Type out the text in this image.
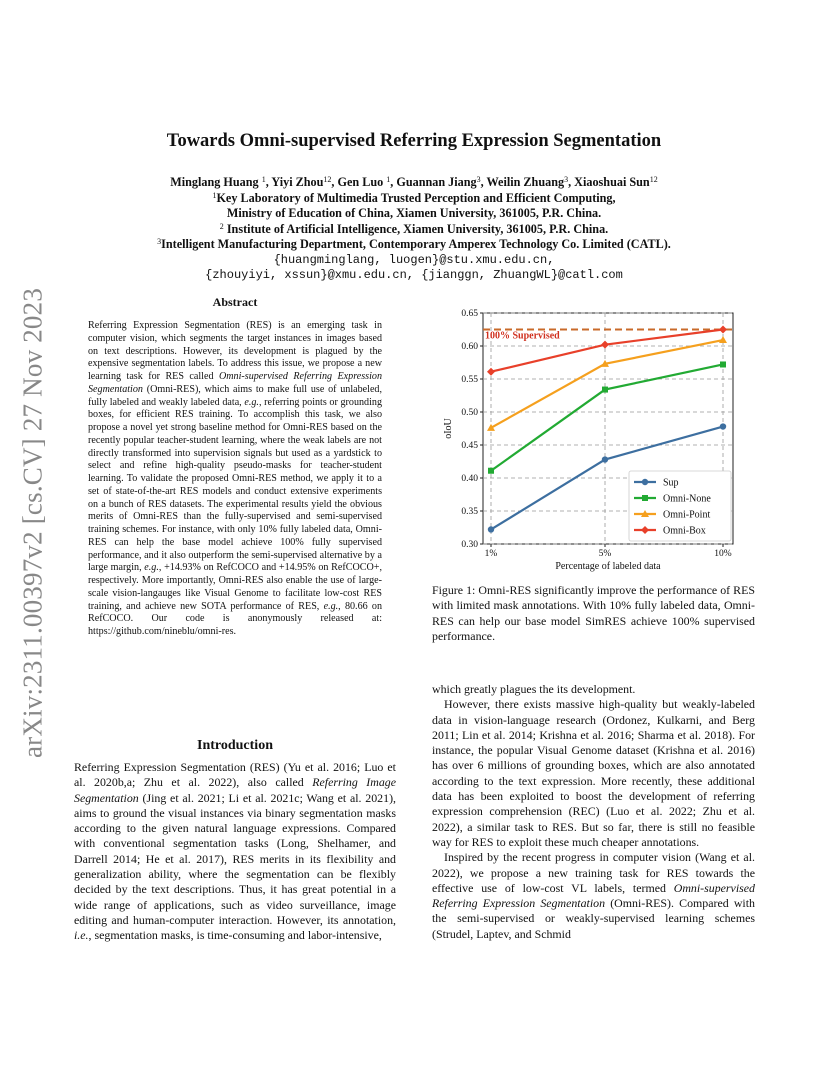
arXiv:2311.00397v2 [cs.CV] 27 Nov 2023
Towards Omni-supervised Referring Expression Segmentation
Minglang Huang $^1$, Yiyi Zhou$^{12}$, Gen Luo $^1$, Guannan Jiang$^3$, Weilin Zhuang$^3$, Xiaoshuai Sun$^{12}$
$^1$Key Laboratory of Multimedia Trusted Perception and Efficient Computing,
Ministry of Education of China, Xiamen University, 361005, P.R. China.
$^2$ Institute of Artificial Intelligence, Xiamen University, 361005, P.R. China.
$^3$Intelligent Manufacturing Department, Contemporary Amperex Technology Co. Limited (CATL).
{huangminglang, luogen}@stu.xmu.edu.cn,
{zhouyiyi, xssun}@xmu.edu.cn, {jianggn, ZhuangWL}@catl.com
Abstract

Referring Expression Segmentation (RES) is an emerging task in computer vision, which segments the target instances in images based on text descriptions. However, its development is plagued by the expensive segmentation labels. To address this issue, we propose a new learning task for RES called Omni-supervised Referring Expression Segmentation (Omni-RES), which aims to make full use of unlabeled, fully labeled and weakly labeled data, e.g., referring points or grounding boxes, for efficient RES training. To accomplish this task, we also propose a novel yet strong baseline method for Omni-RES based on the recently popular teacher-student learning, where the weak labels are not directly transformed into supervision signals but used as a yardstick to select and refine high-quality pseudo-masks for teacher-student learning. To validate the proposed Omni-RES method, we apply it to a set of state-of-the-art RES models and conduct extensive experiments on a bunch of RES datasets. The experimental results yield the obvious merits of Omni-RES than the fully-supervised and semi-supervised training schemes. For instance, with only 10% fully labeled data, Omni-RES can help the base model achieve 100% fully supervised performance, and it also outperform the semi-supervised alternative by a large margin, e.g., +14.93% on RefCOCO and +14.95% on RefCOCO+, respectively. More importantly, Omni-RES also enable the use of large-scale vision-langauges like Visual Genome to facilitate low-cost RES training, and achieve new SOTA performance of RES, e.g., 80.66 on RefCOCO. Our code is anonymously released at: https://github.com/nineblu/omni-res.

Introduction

Referring Expression Segmentation (RES) (Yu et al. 2016; Luo et al. 2020b,a; Zhu et al. 2022), also called Referring Image Segmentation (Jing et al. 2021; Li et al. 2021c; Wang et al. 2021), aims to ground the visual instances via binary segmentation masks according to the given natural language expressions. Compared with conventional segmentation tasks (Long, Shelhamer, and Darrell 2014; He et al. 2017), RES merits in its flexibility and generalization ability, where the segmentation can be flexibly decided by the text descriptions. Thus, it has great potential in a wide range of applications, such as video surveillance, image editing and human-computer interaction. However, its annotation, i.e., segmentation masks, is time-consuming and labor-intensive,

0.30
0.35
0.40
0.45
0.50
0.55
0.60
0.65
1%	5%	10%
100% Supervised
Sup
Omni-None
Omni-Point
Omni-Box
Percentage of labeled data
oIoU

Figure 1: Omni-RES significantly improve the performance of RES with limited mask annotations. With 10% fully labeled data, Omni-RES can help our base model SimRES achieve 100% supervised performance.

which greatly plagues the its development.

However, there exists massive high-quality but weakly-labeled data in vision-language research (Ordonez, Kulkarni, and Berg 2011; Lin et al. 2014; Krishna et al. 2016; Sharma et al. 2018). For instance, the popular Visual Genome dataset (Krishna et al. 2016) has over 6 millions of grounding boxes, which are also annotated according to the text expression. More recently, these additional data has been exploited to boost the development of referring expression comprehension (REC) (Luo et al. 2022; Zhu et al. 2022), a similar task to RES. But so far, there is still no feasible way for RES to exploit these much cheaper annotations.

Inspired by the recent progress in computer vision (Wang et al. 2022), we propose a new training task for RES towards the effective use of low-cost VL labels, termed Omni-supervised Referring Expression Segmentation (Omni-RES). Compared with the semi-supervised or weakly-supervised learning schemes (Strudel, Laptev, and Schmid
